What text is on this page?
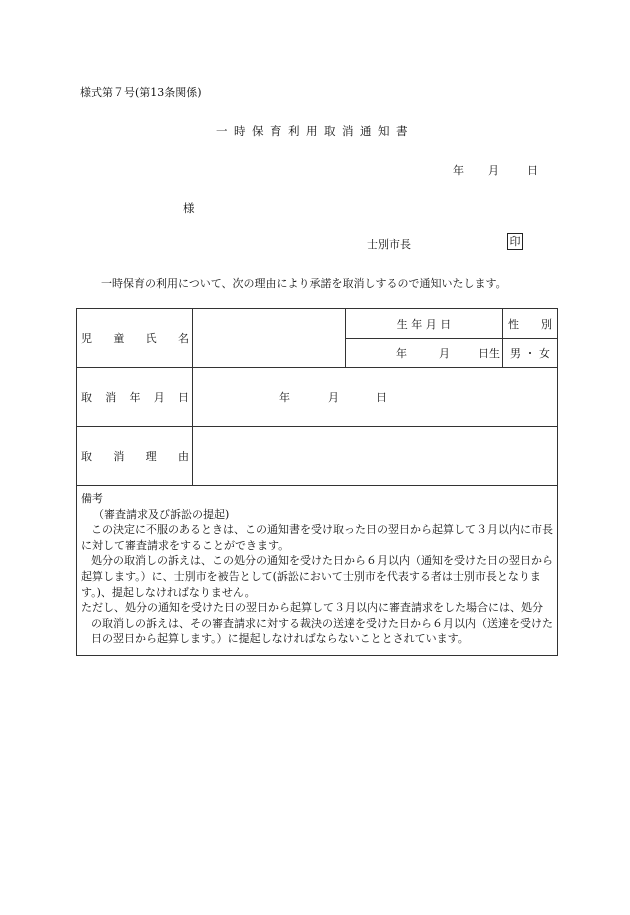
様式第７号(第13条関係)
一時保育利用取消通知書
年 月	日
様
士別市長	印
一時保育の利用について、次の理由により承諾を取消しするので通知いたします。
児 童 氏 名		生 年 月 日	性　　別

		年 月 日生	男 ・ 女

取 消 年 月 日	年 月 日		

取 消 理 由			

備考
（審査請求及び訴訟の提起)
この決定に不服のあるときは、この通知書を受け取った日の翌日から起算して３月以内に市長に対して審査請求をすることができます。
処分の取消しの訴えは、この処分の通知を受けた日から６月以内（通知を受けた日の翌日から起算します。）に、士別市を被告として(訴訟において士別市を代表する者は士別市長となります。)、提起しなければなりません。
ただし、処分の通知を受けた日の翌日から起算して３月以内に審査請求をした場合には、処分の取消しの訴えは、その審査請求に対する裁決の送達を受けた日から６月以内（送達を受けた日の翌日から起算します。）に提起しなければならないこととされています。			
